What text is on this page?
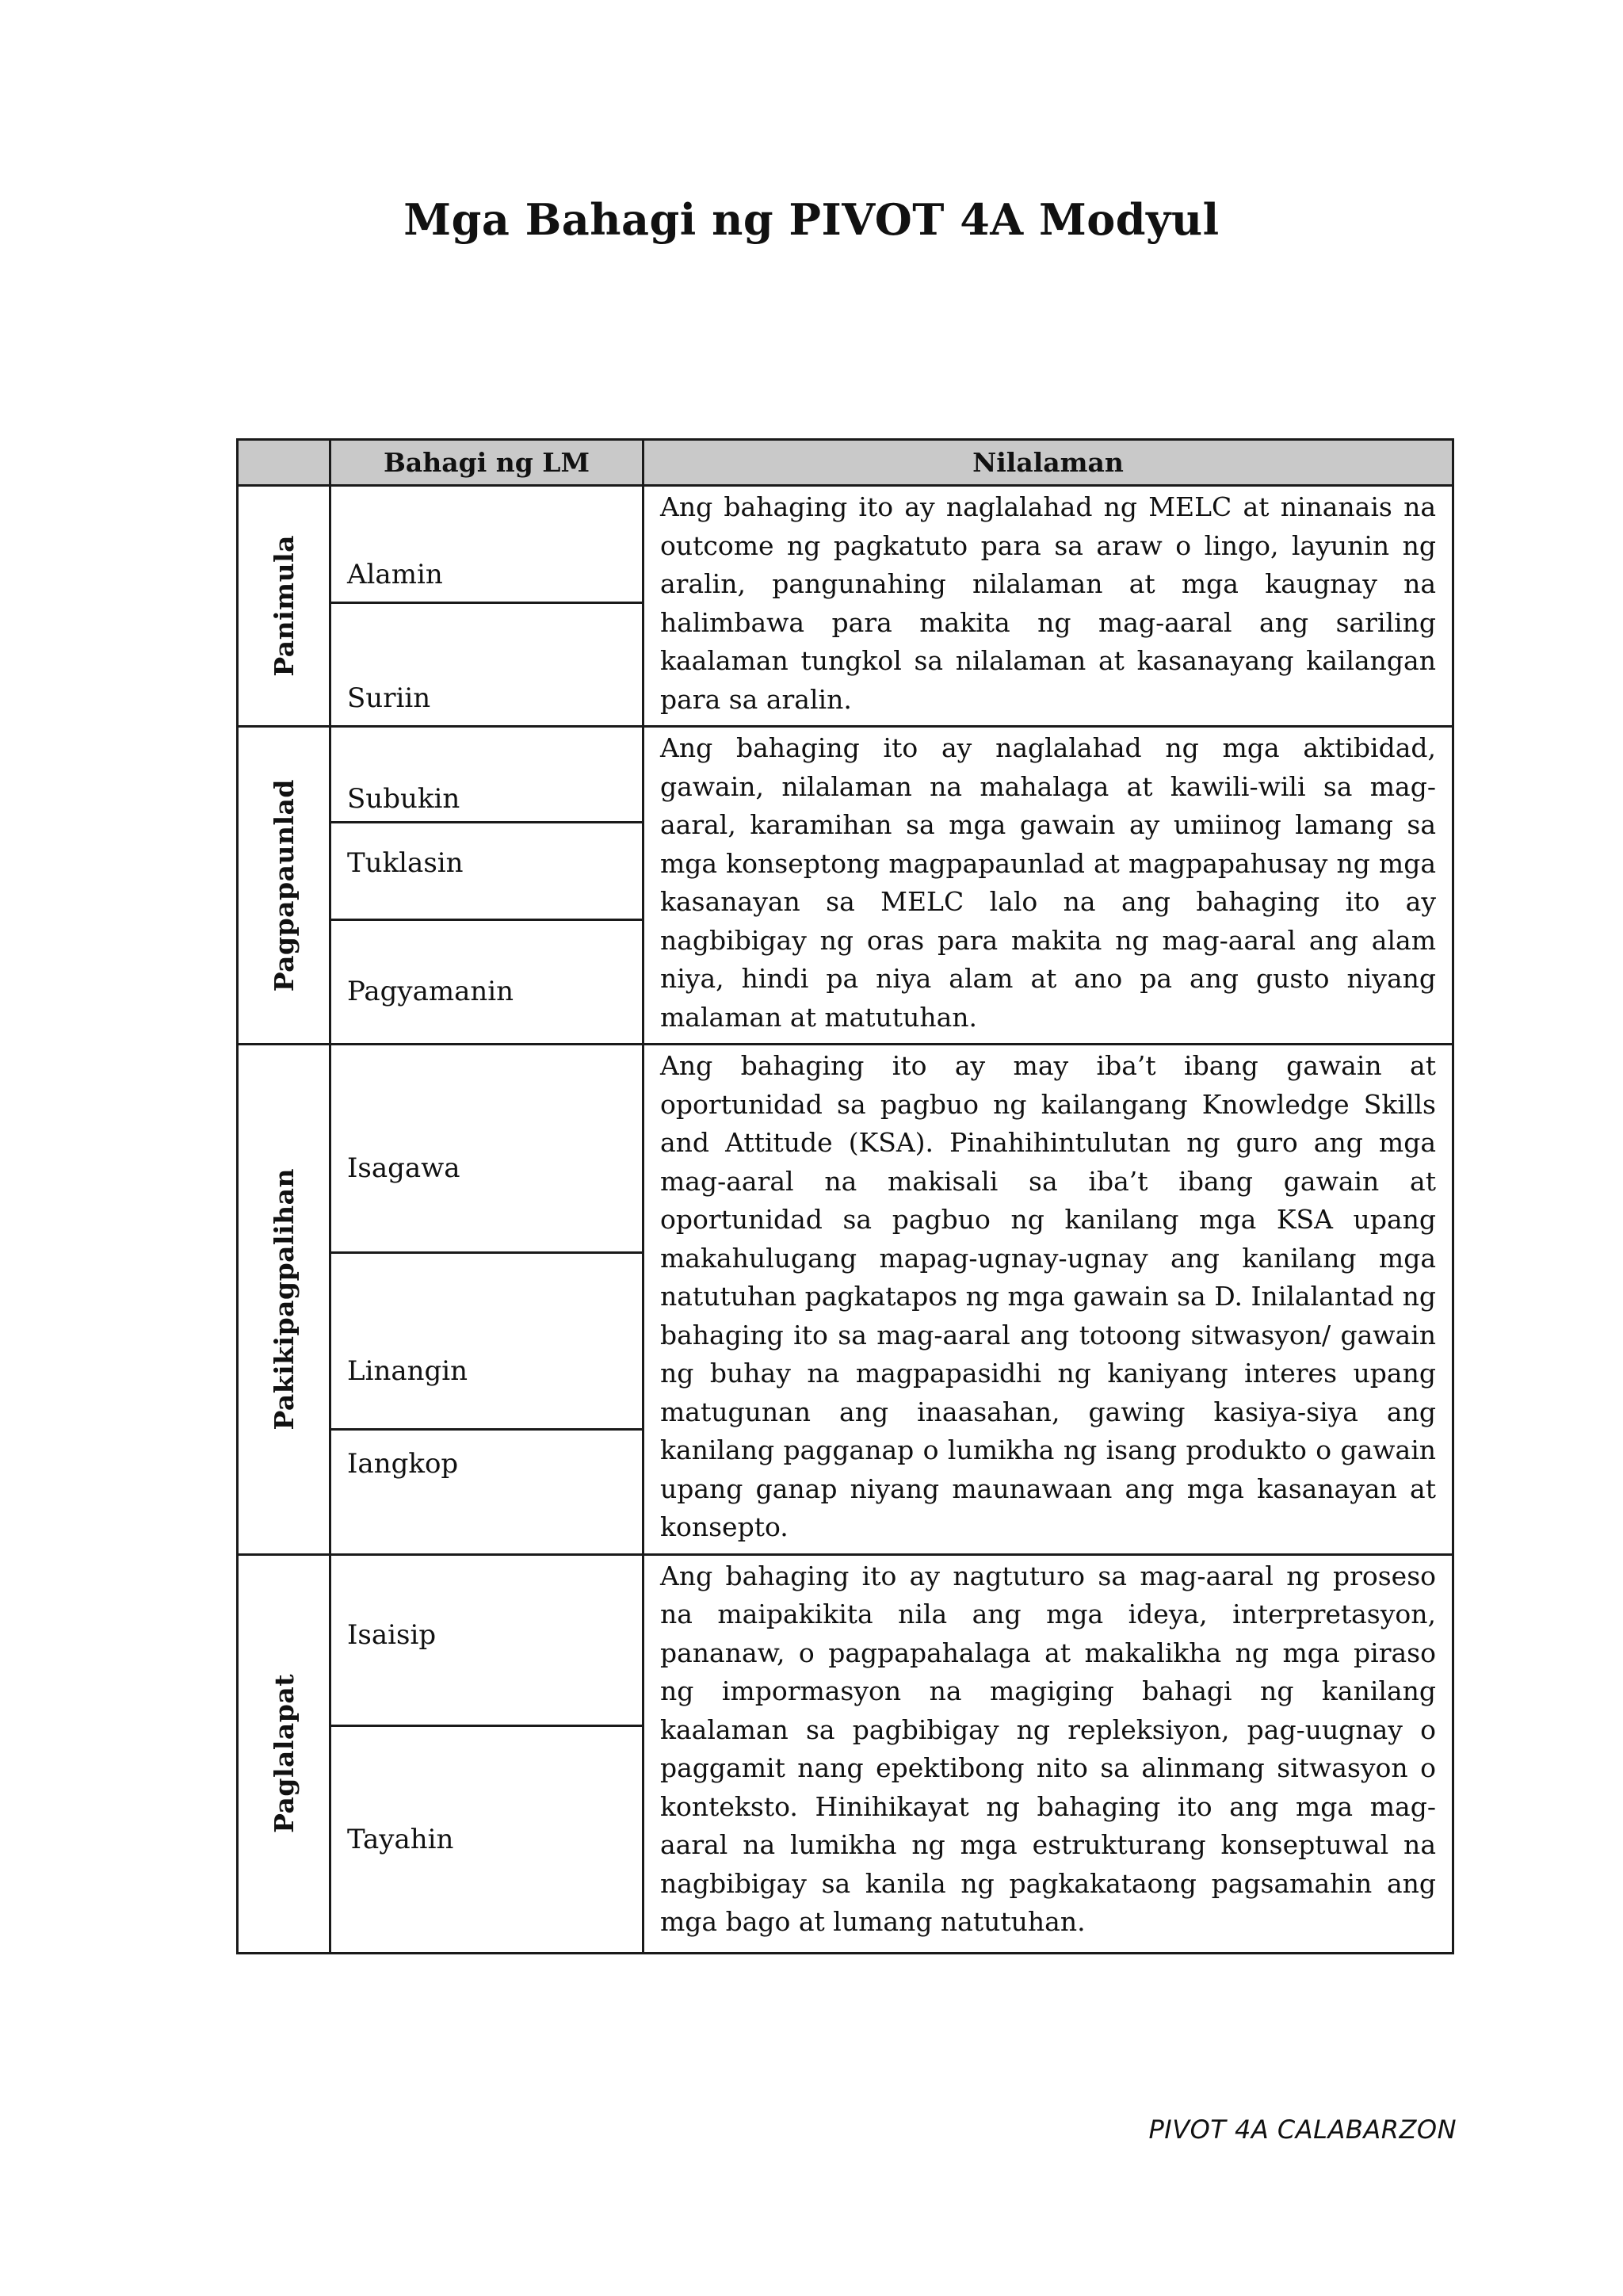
Mga Bahagi ng PIVOT 4A Modyul
	Bahagi ng LM	Nilalaman

Panimula	Alamin	Ang bahaging ito ay naglalahad ng MELC at ninanais na outcome ng pagkatuto para sa araw o lingo, layunin ng aralin, pangunahing nilalaman at mga kaugnay na halimbawa para makita ng mag-aaral ang sariling kaalaman tungkol sa nilalaman at kasanayang kailangan para sa aralin.

	Suriin	

Pagpapaunlad	Subukin	Ang bahaging ito ay naglalahad ng mga aktibidad, gawain, nilalaman na mahalaga at kawili-wili sa mag-aaral, karamihan sa mga gawain ay umiinog lamang sa mga konseptong magpapaunlad at magpapahusay ng mga kasanayan sa MELC lalo na ang bahaging ito ay nagbibigay ng oras para makita ng mag-aaral ang alam niya, hindi pa niya alam at ano pa ang gusto niyang malaman at matutuhan.

	Tuklasin	

	Pagyamanin	

Pakikipagpalihan	Isagawa	Ang bahaging ito ay may iba’t ibang gawain at oportunidad sa pagbuo ng kailangang Knowledge Skills and Attitude (KSA). Pinahihintulutan ng guro ang mga mag-aaral na makisali sa iba’t ibang gawain at oportunidad sa pagbuo ng kanilang mga KSA upang makahulugang mapag-ugnay-ugnay ang kanilang mga natutuhan pagkatapos ng mga gawain sa D. Inilalantad ng bahaging ito sa mag-aaral ang totoong sitwasyon/ gawain ng buhay na magpapasidhi ng kaniyang interes upang matugunan ang inaasahan, gawing kasiya-siya ang kanilang pagganap o lumikha ng isang produkto o gawain upang ganap niyang maunawaan ang mga kasanayan at konsepto.

	Linangin	

	Iangkop	

Paglalapat	Isaisip	Ang bahaging ito ay nagtuturo sa mag-aaral ng proseso na maipakikita nila ang mga ideya, interpretasyon, pananaw, o pagpapahalaga at makalikha ng mga piraso ng impormasyon na magiging bahagi ng kanilang kaalaman sa pagbibigay ng repleksiyon, pag-uugnay o paggamit nang epektibong nito sa alinmang sitwasyon o konteksto. Hinihikayat ng bahaging ito ang mga mag-aaral na lumikha ng mga estrukturang konseptuwal na nagbibigay sa kanila ng pagkakataong pagsamahin ang mga bago at lumang natutuhan.

	Tayahin	
PIVOT 4A CALABARZON
